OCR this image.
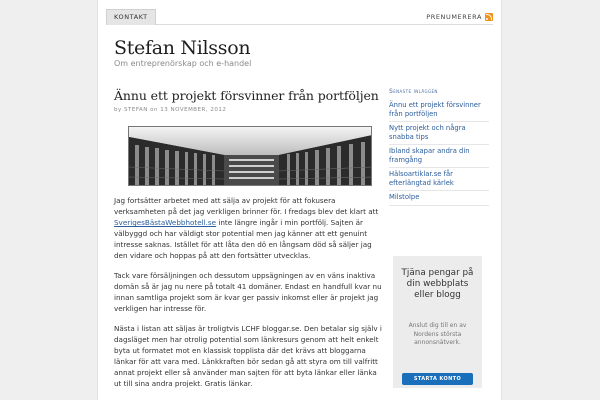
KONTAKT	PRENUMERERA
Stefan Nilsson
Om entreprenörskap och e-handel
Ännu ett projekt försvinner från portföljen
by STEFAN on 13 NOVEMBER, 2012

Jag fortsätter arbetet med att sälja av projekt för att fokusera verksamheten på det jag verkligen brinner för. I fredags blev det klart att SverigesBästaWebbhotell.se inte längre ingår i min portfölj. Sajten är välbyggd och har väldigt stor potential men jag känner att ett genuint intresse saknas. Istället för att låta den dö en långsam död så säljer jag den vidare och hoppas på att den fortsätter utvecklas.

Tack vare försäljningen och dessutom uppsägningen av en väns inaktiva domän så är jag nu nere på totalt 41 domäner. Endast en handfull kvar nu innan samtliga projekt som är kvar ger passiv inkomst eller är projekt jag verkligen har intresse för.

Nästa i listan att säljas är troligtvis LCHF bloggar.se. Den betalar sig själv i dagsläget men har otrolig potential som länkresurs genom att helt enkelt byta ut formatet mot en klassisk topplista där det krävs att bloggarna länkar för att vara med. Länkkraften bör sedan gå att styra om till valfritt annat projekt eller så använder man sajten för att byta länkar eller länka ut till sina andra projekt. Gratis länkar.

Senaste inläggen
Ännu ett projekt försvinner från portföljen
Nytt projekt och några snabba tips
Ibland skapar andra din framgång
Hälsoartiklar.se får efterlängtad kärlek
Milstolpe
Tjäna pengar på din webbplats eller blogg
Anslut dig till en av Nordens största annonsnätverk.
STARTA KONTO GRATIS ›
